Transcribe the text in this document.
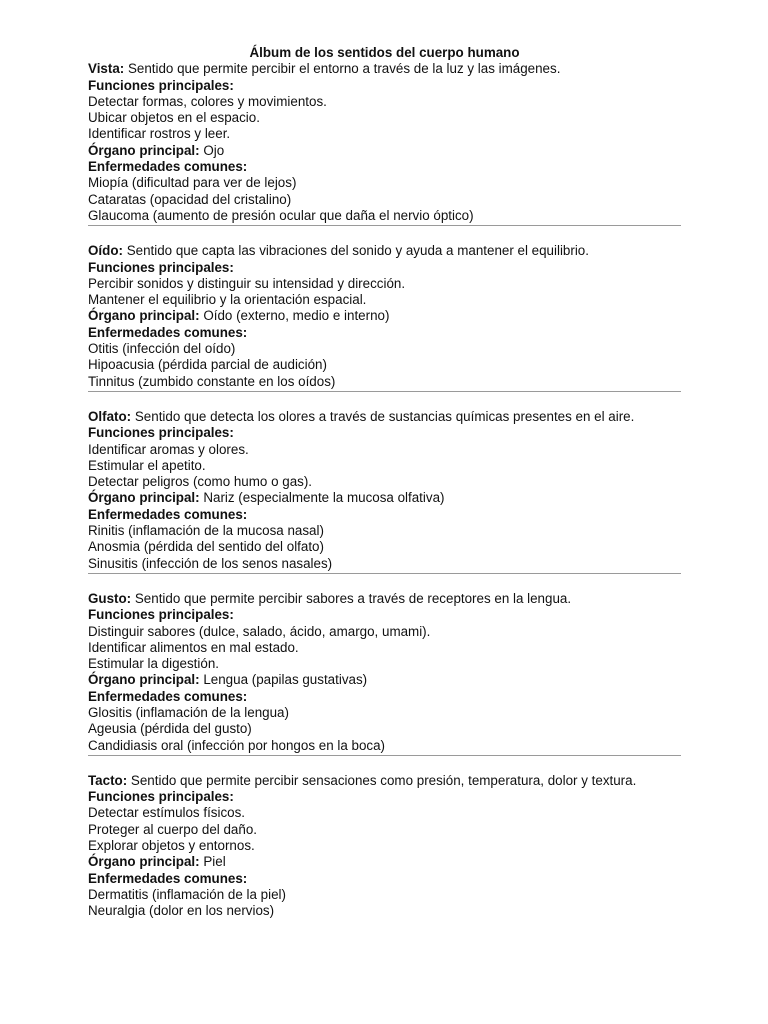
Álbum de los sentidos del cuerpo humano
Vista: Sentido que permite percibir el entorno a través de la luz y las imágenes.
Funciones principales:
Detectar formas, colores y movimientos.
Ubicar objetos en el espacio.
Identificar rostros y leer.
Órgano principal: Ojo
Enfermedades comunes:
Miopía (dificultad para ver de lejos)
Cataratas (opacidad del cristalino)
Glaucoma (aumento de presión ocular que daña el nervio óptico)
Oído: Sentido que capta las vibraciones del sonido y ayuda a mantener el equilibrio.
Funciones principales:
Percibir sonidos y distinguir su intensidad y dirección.
Mantener el equilibrio y la orientación espacial.
Órgano principal: Oído (externo, medio e interno)
Enfermedades comunes:
Otitis (infección del oído)
Hipoacusia (pérdida parcial de audición)
Tinnitus (zumbido constante en los oídos)
Olfato: Sentido que detecta los olores a través de sustancias químicas presentes en el aire.
Funciones principales:
Identificar aromas y olores.
Estimular el apetito.
Detectar peligros (como humo o gas).
Órgano principal: Nariz (especialmente la mucosa olfativa)
Enfermedades comunes:
Rinitis (inflamación de la mucosa nasal)
Anosmia (pérdida del sentido del olfato)
Sinusitis (infección de los senos nasales)
Gusto: Sentido que permite percibir sabores a través de receptores en la lengua.
Funciones principales:
Distinguir sabores (dulce, salado, ácido, amargo, umami).
Identificar alimentos en mal estado.
Estimular la digestión.
Órgano principal: Lengua (papilas gustativas)
Enfermedades comunes:
Glositis (inflamación de la lengua)
Ageusia (pérdida del gusto)
Candidiasis oral (infección por hongos en la boca)
Tacto: Sentido que permite percibir sensaciones como presión, temperatura, dolor y textura.
Funciones principales:
Detectar estímulos físicos.
Proteger al cuerpo del daño.
Explorar objetos y entornos.
Órgano principal: Piel
Enfermedades comunes:
Dermatitis (inflamación de la piel)
Neuralgia (dolor en los nervios)
